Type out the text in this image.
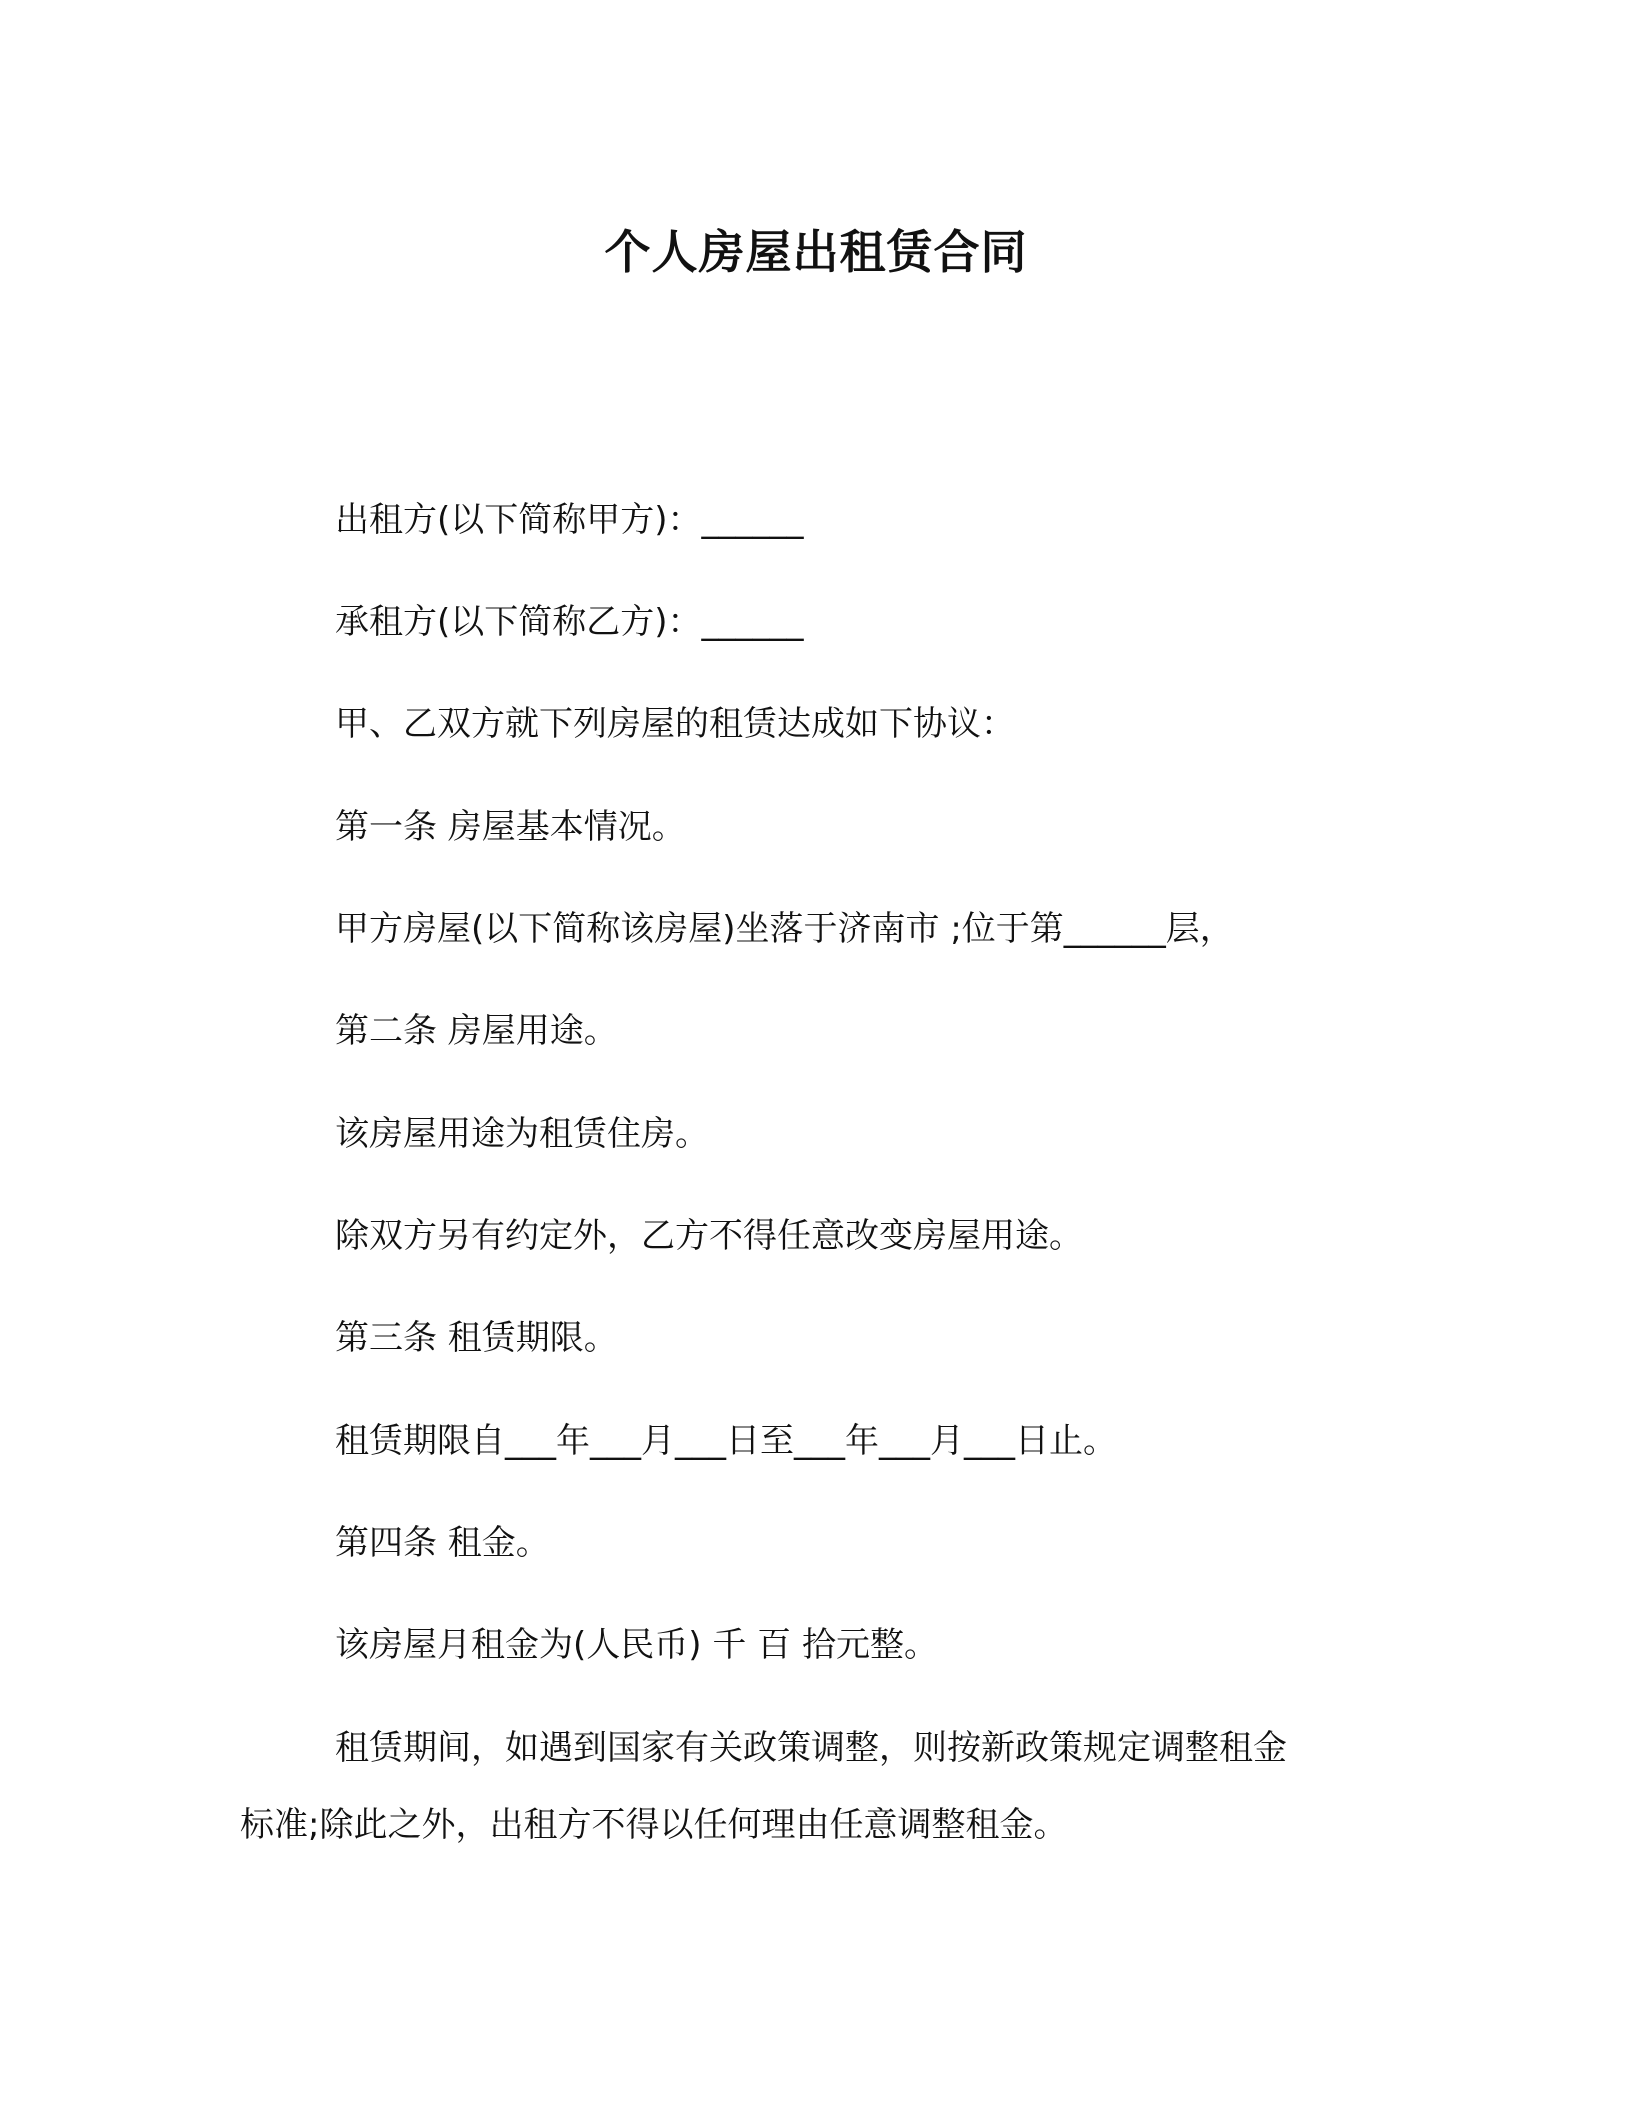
个人房屋出租赁合同

出租方(以下简称甲方)：______

承租方(以下简称乙方)：______

甲、乙双方就下列房屋的租赁达成如下协议：

第一条 房屋基本情况。

甲方房屋(以下简称该房屋)坐落于济南市 ;位于第______层，

第二条 房屋用途。

该房屋用途为租赁住房。

除双方另有约定外，乙方不得任意改变房屋用途。

第三条 租赁期限。

租赁期限自___年___月___日至___年___月___日止。

第四条 租金。

该房屋月租金为(人民币) 千 百 拾元整。

租赁期间，如遇到国家有关政策调整，则按新政策规定调整租金

标准;除此之外，出租方不得以任何理由任意调整租金。
